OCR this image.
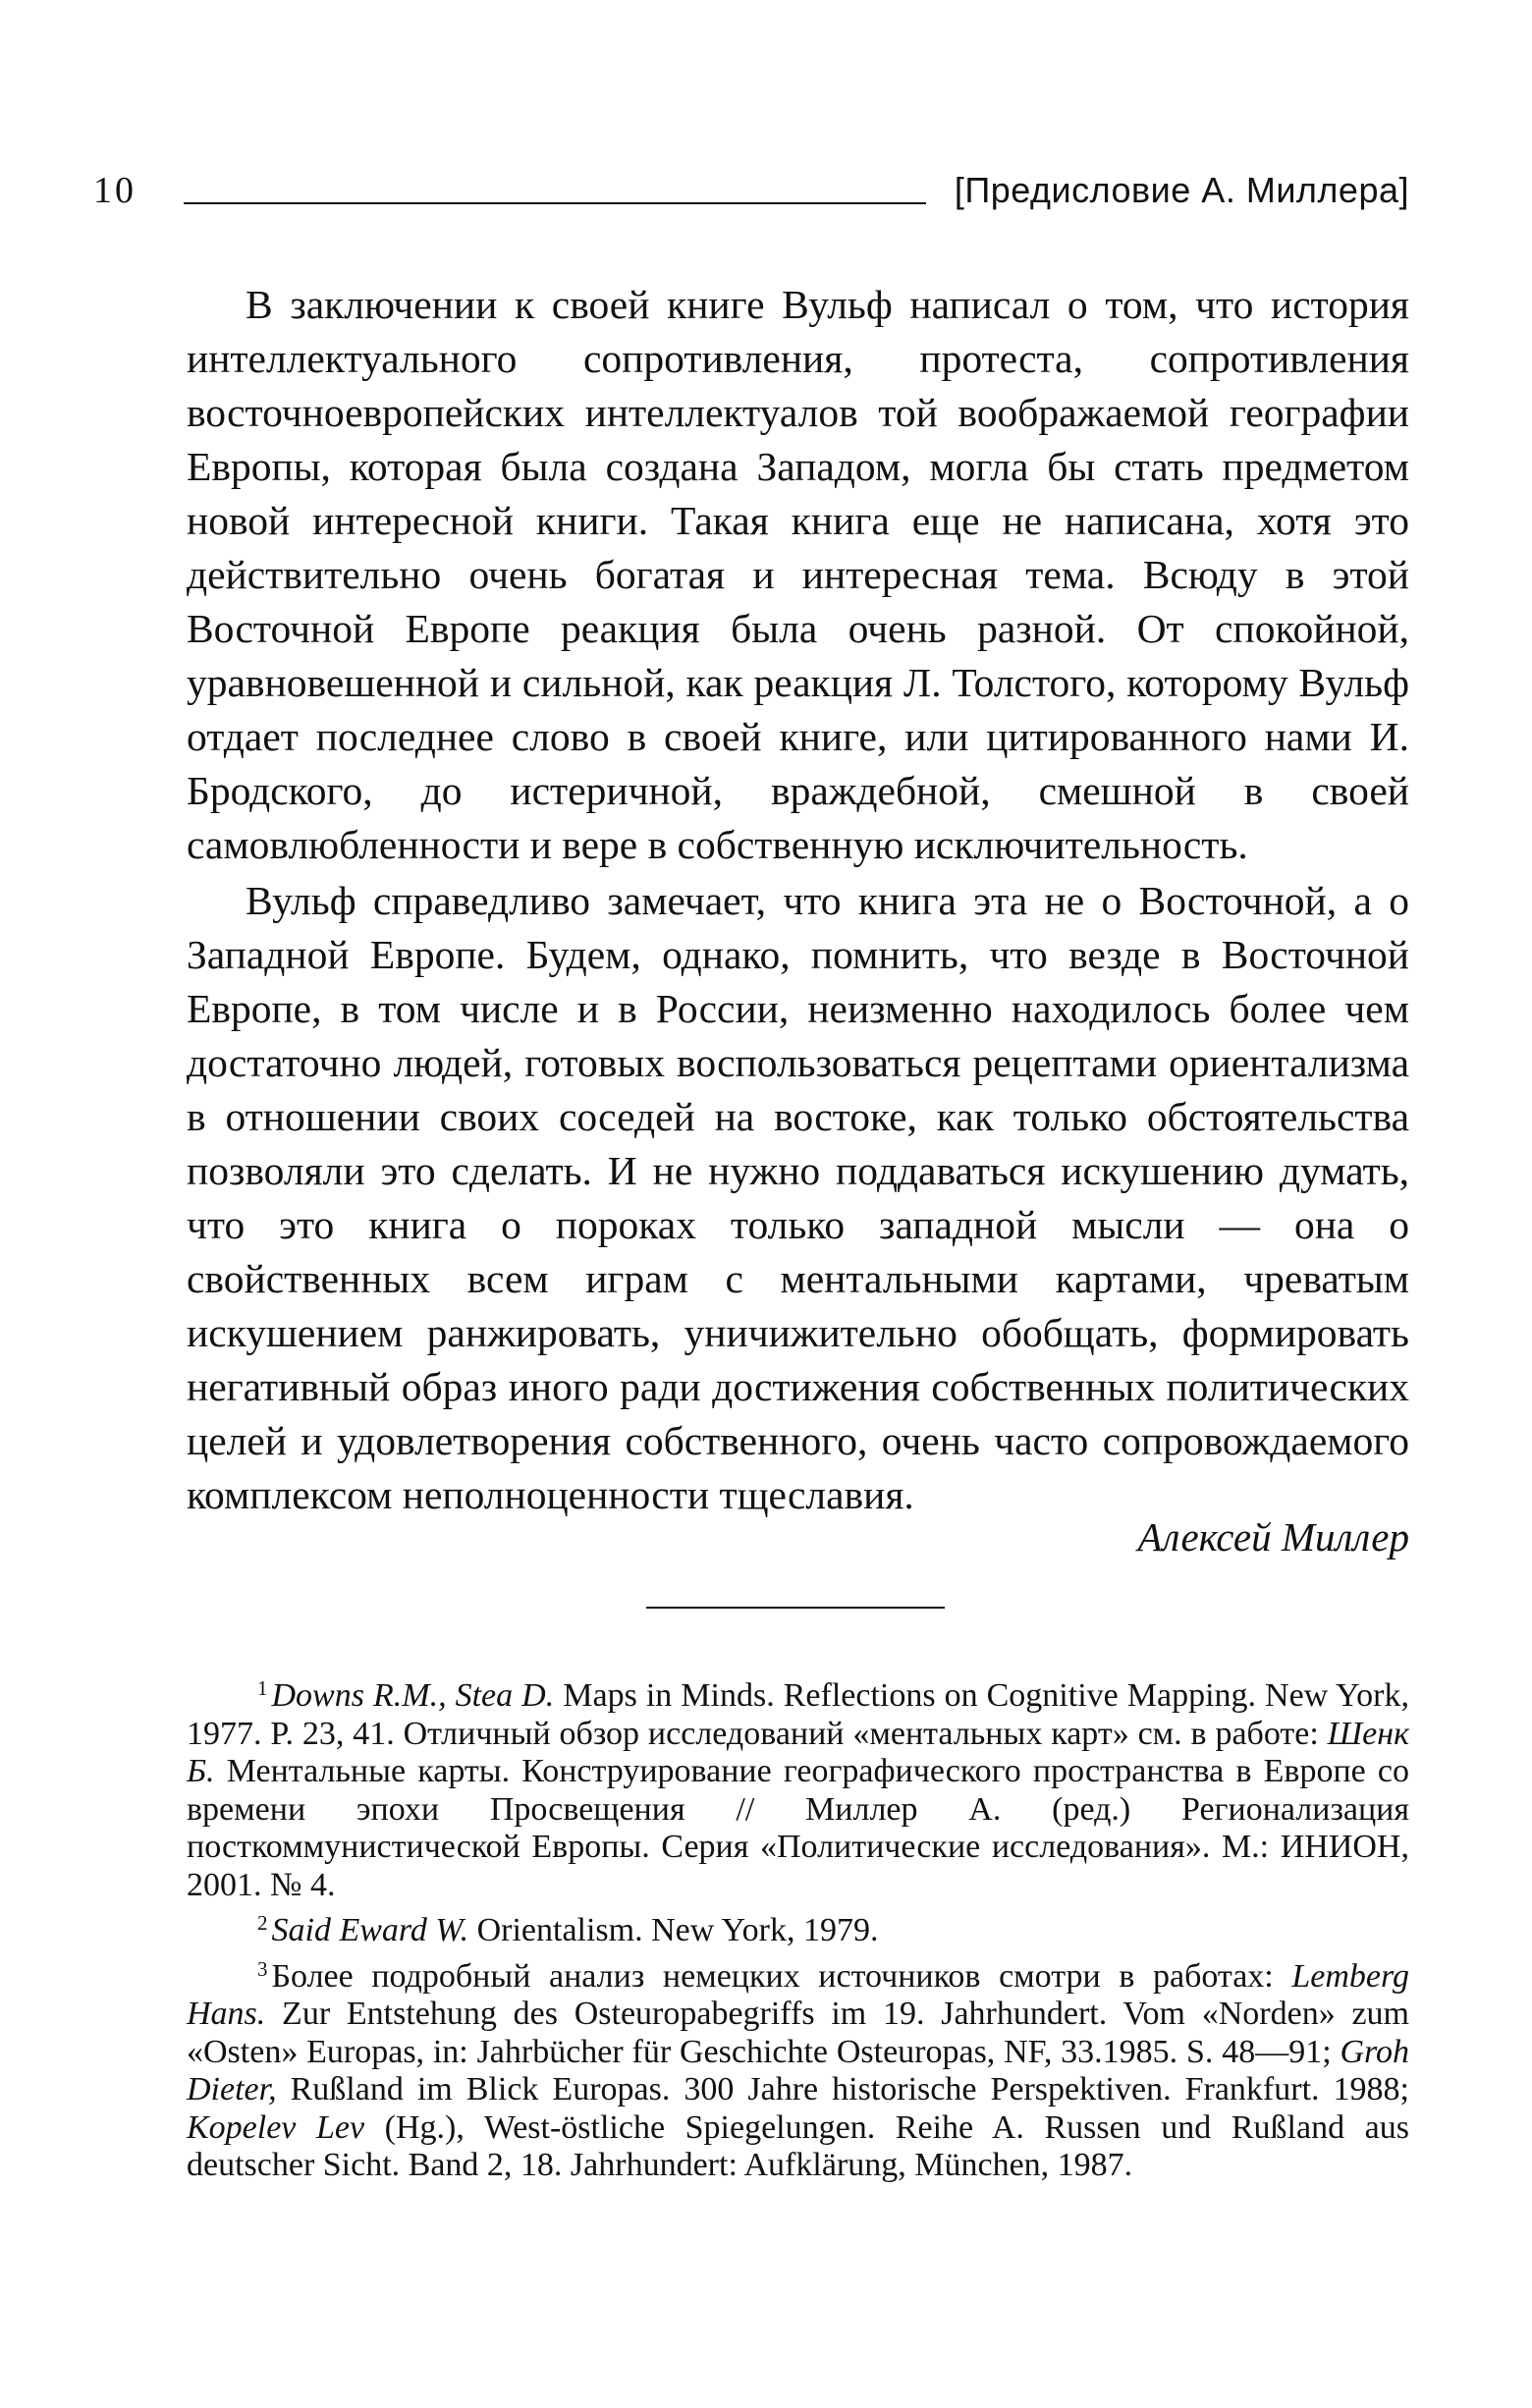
10	[Предисловие А. Миллера]

В заключении к своей книге Вульф написал о том, что история интеллектуального сопротивления, протеста, сопротивления восточноевропейских интеллектуалов той воображаемой географии Европы, которая была создана Западом, могла бы стать предметом новой интересной книги. Такая книга еще не написана, хотя это действительно очень богатая и интересная тема. Всюду в этой Восточной Европе реакция была очень разной. От спокойной, уравновешенной и сильной, как реакция Л. Толстого, которому Вульф отдает последнее слово в своей книге, или цитированного нами И. Бродского, до истеричной, враждебной, смешной в своей самовлюбленности и вере в собственную исключительность.

Вульф справедливо замечает, что книга эта не о Восточной, а о Западной Европе. Будем, однако, помнить, что везде в Восточной Европе, в том числе и в России, неизменно находилось более чем достаточно людей, готовых воспользоваться рецептами ориентализма в отношении своих соседей на востоке, как только обстоятельства позволяли это сделать. И не нужно поддаваться искушению думать, что это книга о пороках только западной мысли — она о свойственных всем играм с ментальными картами, чреватым искушением ранжировать, уничижительно обобщать, формировать негативный образ иного ради достижения собственных политических целей и удовлетворения собственного, очень часто сопровождаемого комплексом неполноценности тщеславия.

Алексей Миллер

$^1$ Downs R.M., Stea D. Maps in Minds. Reflections on Cognitive Mapping. New York, 1977. P. 23, 41. Отличный обзор исследований «ментальных карт» см. в работе: Шенк Б. Ментальные карты. Конструирование географического пространства в Европе со времени эпохи Просвещения // Миллер А. (ред.) Регионализация посткоммунистической Европы. Серия «Политические исследования». М.: ИНИОН, 2001. № 4.

$^2$ Said Eward W. Orientalism. New York, 1979.

$^3$ Более подробный анализ немецких источников смотри в работах: Lemberg Hans. Zur Entstehung des Osteuropabegriffs im 19. Jahrhundert. Vom «Norden» zum «Osten» Europas, in: Jahrbücher für Geschichte Osteuropas, NF, 33.1985. S. 48—91; Groh Dieter, Rußland im Blick Europas. 300 Jahre historische Perspektiven. Frankfurt. 1988; Kopelev Lev (Hg.), West-östliche Spiegelungen. Reihe A. Russen und Rußland aus deutscher Sicht. Band 2, 18. Jahrhundert: Aufklärung, München, 1987.
